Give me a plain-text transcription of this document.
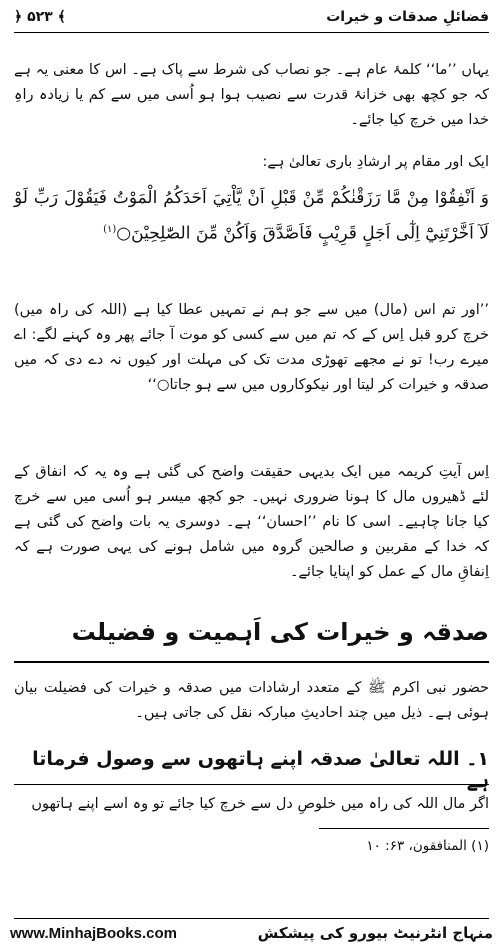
﴿ ۵۲۳ ﴾	فضائلِ صدقات و خیرات
یہاں ’’ما‘‘ کلمۂ عام ہے۔ جو نصاب کی شرط سے پاک ہے۔ اس کا معنی یہ ہے کہ جو کچھ بھی خزانۂ قدرت سے نصیب ہوا ہو اُسی میں سے کم یا زیادہ راہِ خدا میں خرچ کیا جائے۔
ایک اور مقام پر ارشادِ باری تعالیٰ ہے:
وَ اَنْفِقُوْا مِنْ مَّا رَزَقْنٰكُمْ مِّنْ قَبْلِ اَنْ يَّاْتِيَ اَحَدَكُمُ الْمَوْتُ فَيَقُوْلَ رَبِّ لَوْ لَآ اَخَّرْتَنِيْٓ اِلٰٓى اَجَلٍ قَرِيْبٍ فَاَصَّدَّقَ وَاَكُنْ مِّنَ الصّٰلِحِيْنَ○$^{(۱)}$
’’اور تم اس (مال) میں سے جو ہم نے تمہیں عطا کیا ہے (اللہ کی راہ میں) خرچ کرو قبل اِس کے کہ تم میں سے کسی کو موت آ جائے پھر وہ کہنے لگے: اے میرے رب! تو نے مجھے تھوڑی مدت تک کی مہلت اور کیوں نہ دے دی کہ میں صدقہ و خیرات کر لیتا اور نیکوکاروں میں سے ہو جاتا○‘‘
اِس آیتِ کریمہ میں ایک بدیہی حقیقت واضح کی گئی ہے وہ یہ کہ انفاق کے لئے ڈھیروں مال کا ہونا ضروری نہیں۔ جو کچھ میسر ہو اُسی میں سے خرچ کیا جانا چاہیے۔ اسی کا نام ’’احسان‘‘ ہے۔ دوسری یہ بات واضح کی گئی ہے کہ خدا کے مقربین و صالحین گروہ میں شامل ہونے کی یہی صورت ہے کہ اِنفاقِ مال کے عمل کو اپنایا جائے۔
صدقہ و خیرات کی اَہمیت و فضیلت
حضور نبی اکرم ﷺ کے متعدد ارشادات میں صدقہ و خیرات کی فضیلت بیان ہوئی ہے۔ ذیل میں چند احادیثِ مبارکہ نقل کی جاتی ہیں۔
۱۔ اللہ تعالیٰ صدقہ اپنے ہاتھوں سے وصول فرماتا ہے
اگر مال اللہ کی راہ میں خلوصِ دل سے خرچ کیا جائے تو وہ اسے اپنے ہاتھوں
(۱) المنافقون، ۶۳: ۱۰
www.MinhajBooks.com	منہاج انٹرنیٹ بیورو کی پیشکش
